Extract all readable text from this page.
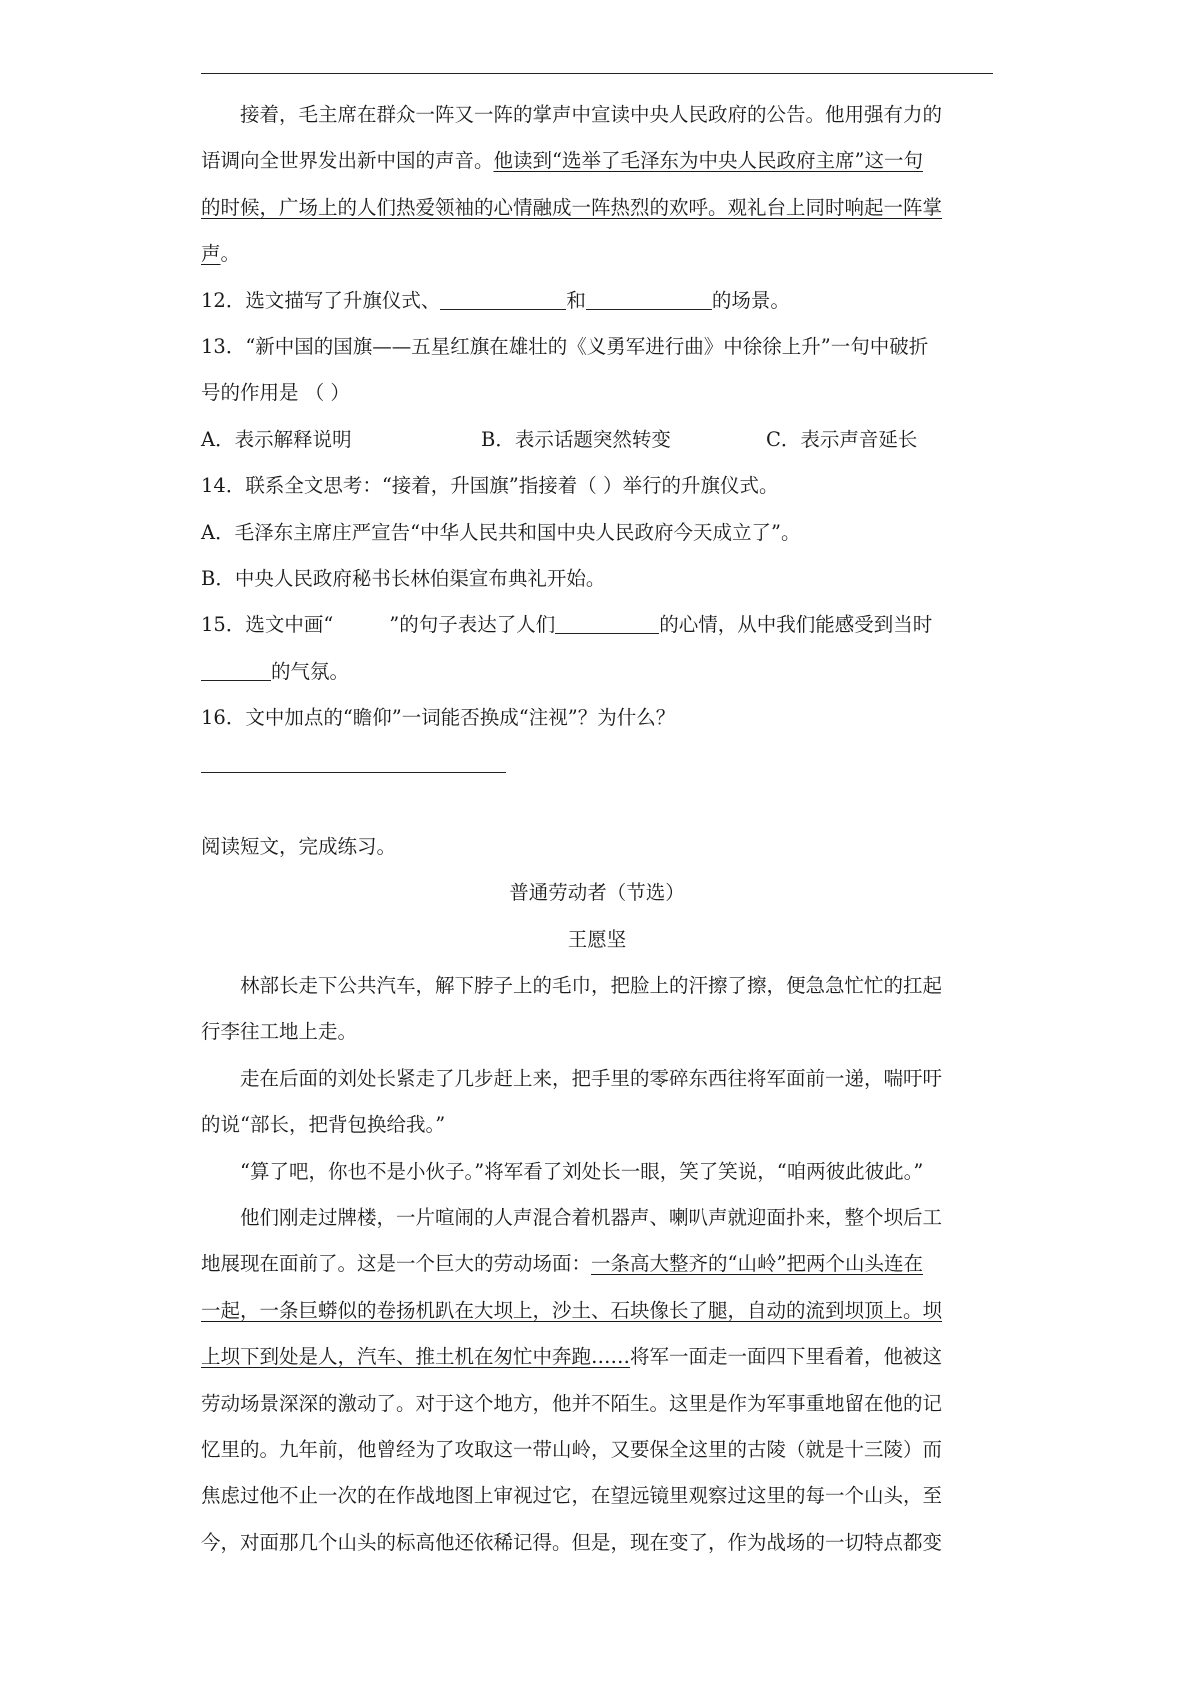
接着，毛主席在群众一阵又一阵的掌声中宣读中央人民政府的公告。他用强有力的
语调向全世界发出新中国的声音。他读到“选举了毛泽东为中央人民政府主席”这一句
的时候，广场上的人们热爱领袖的心情融成一阵热烈的欢呼。观礼台上同时响起一阵掌
声。
12．选文描写了升旗仪式、	和	的场景。
13．“新中国的国旗——五星红旗在雄壮的《义勇军进行曲》中徐徐上升”一句中破折
号的作用是 （ ）
A．表示解释说明	B．表示话题突然转变	C．表示声音延长
14．联系全文思考：“接着，升国旗”指接着（ ）举行的升旗仪式。
A．毛泽东主席庄严宣告“中华人民共和国中央人民政府今天成立了”。
B．中央人民政府秘书长林伯渠宣布典礼开始。
15．选文中画“	”的句子表达了人们	的心情，从中我们能感受到当时
的气氛。
16．文中加点的“瞻仰”一词能否换成“注视”？为什么？
阅读短文，完成练习。
普通劳动者（节选）
王愿坚
林部长走下公共汽车，解下脖子上的毛巾，把脸上的汗擦了擦，便急急忙忙的扛起
行李往工地上走。
走在后面的刘处长紧走了几步赶上来，把手里的零碎东西往将军面前一递，喘吁吁
的说“部长，把背包换给我。”
“算了吧，你也不是小伙子。”将军看了刘处长一眼，笑了笑说，“咱两彼此彼此。”
他们刚走过牌楼，一片喧闹的人声混合着机器声、喇叭声就迎面扑来，整个坝后工
地展现在面前了。这是一个巨大的劳动场面：一条高大整齐的“山岭”把两个山头连在
一起，一条巨蟒似的卷扬机趴在大坝上，沙土、石块像长了腿，自动的流到坝顶上。坝
上坝下到处是人，汽车、推土机在匆忙中奔跑……将军一面走一面四下里看着，他被这
劳动场景深深的激动了。对于这个地方，他并不陌生。这里是作为军事重地留在他的记
忆里的。九年前，他曾经为了攻取这一带山岭，又要保全这里的古陵（就是十三陵）而
焦虑过他不止一次的在作战地图上审视过它，在望远镜里观察过这里的每一个山头，至
今，对面那几个山头的标高他还依稀记得。但是，现在变了，作为战场的一切特点都变
